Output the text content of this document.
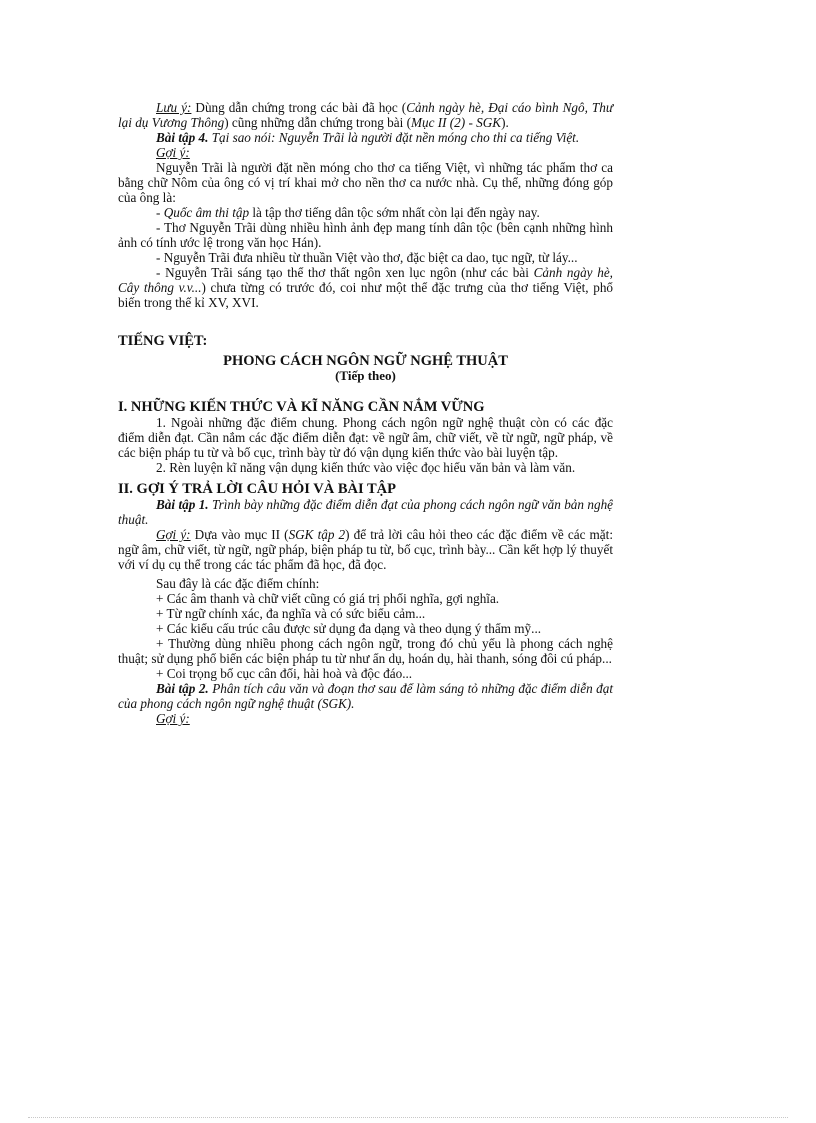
Lưu ý: Dùng dẫn chứng trong các bài đã học (Cảnh ngày hè, Đại cáo bình Ngô, Thư lại dụ Vương Thông) cũng những dẫn chứng trong bài (Mục II (2) - SGK).

Bài tập 4. Tại sao nói: Nguyễn Trãi là người đặt nền móng cho thi ca tiếng Việt.

Gợi ý:

Nguyễn Trãi là người đặt nền móng cho thơ ca tiếng Việt, vì những tác phẩm thơ ca bằng chữ Nôm của ông có vị trí khai mở cho nền thơ ca nước nhà. Cụ thể, những đóng góp của ông là:

- Quốc âm thi tập là tập thơ tiếng dân tộc sớm nhất còn lại đến ngày nay.

- Thơ Nguyễn Trãi dùng nhiều hình ảnh đẹp mang tính dân tộc (bên cạnh những hình ảnh có tính ước lệ trong văn học Hán).

- Nguyễn Trãi đưa nhiều từ thuần Việt vào thơ, đặc biệt ca dao, tục ngữ, từ láy...

- Nguyễn Trãi sáng tạo thể thơ thất ngôn xen lục ngôn (như các bài Cảnh ngày hè, Cây thông v.v...) chưa từng có trước đó, coi như một thể đặc trưng của thơ tiếng Việt, phổ biến trong thế kỉ XV, XVI.

TIẾNG VIỆT:

PHONG CÁCH NGÔN NGỮ NGHỆ THUẬT

(Tiếp theo)

I. NHỮNG KIẾN THỨC VÀ KĨ NĂNG CẦN NẮM VỮNG

1. Ngoài những đặc điểm chung. Phong cách ngôn ngữ nghệ thuật còn có các đặc điểm diễn đạt. Cần nắm các đặc điểm diễn đạt: về ngữ âm, chữ viết, về từ ngữ, ngữ pháp, về các biện pháp tu từ và bố cục, trình bày từ đó vận dụng kiến thức vào bài luyện tập.

2. Rèn luyện kĩ năng vận dụng kiến thức vào việc đọc hiểu văn bản và làm văn.

II. GỢI Ý TRẢ LỜI CÂU HỎI VÀ BÀI TẬP

Bài tập 1. Trình bày những đặc điểm diễn đạt của phong cách ngôn ngữ văn bản nghệ thuật.

Gợi ý: Dựa vào mục II (SGK tập 2) để trả lời câu hỏi theo các đặc điểm về các mặt: ngữ âm, chữ viết, từ ngữ, ngữ pháp, biện pháp tu từ, bố cục, trình bày... Cần kết hợp lý thuyết với ví dụ cụ thể trong các tác phẩm đã học, đã đọc.

Sau đây là các đặc điểm chính:

+ Các âm thanh và chữ viết cũng có giá trị phối nghĩa, gợi nghĩa.

+ Từ ngữ chính xác, đa nghĩa và có sức biểu cảm...

+ Các kiểu cấu trúc câu được sử dụng đa dạng và theo dụng ý thẩm mỹ...

+ Thường dùng nhiều phong cách ngôn ngữ, trong đó chủ yếu là phong cách nghệ thuật; sử dụng phổ biến các biện pháp tu từ như ẩn dụ, hoán dụ, hài thanh, sóng đôi cú pháp...

+ Coi trọng bố cục cân đối, hài hoà và độc đáo...

Bài tập 2. Phân tích câu văn và đoạn thơ sau để làm sáng tỏ những đặc điểm diễn đạt của phong cách ngôn ngữ nghệ thuật (SGK).

Gợi ý:
